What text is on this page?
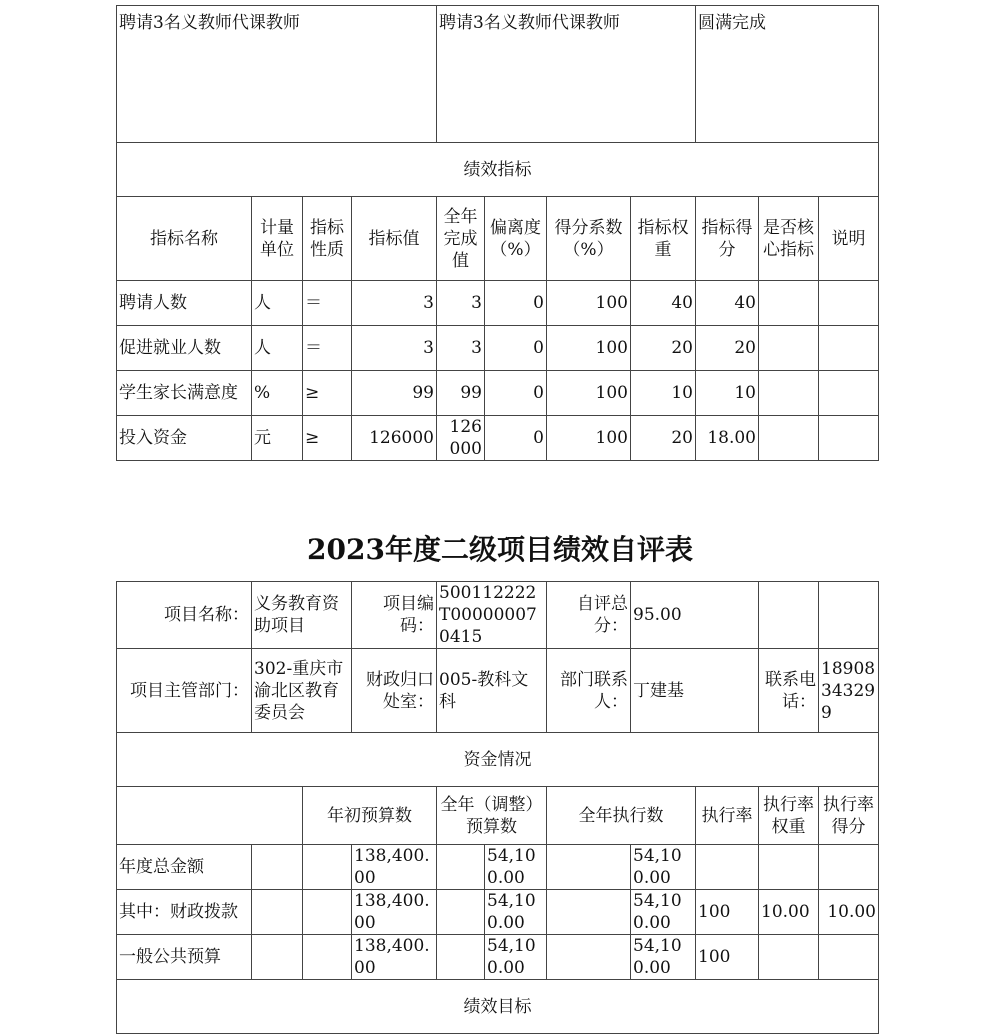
聘请3名义教师代课教师				聘请3名义教师代课教师				圆满完成		
绩效指标										
指标名称	计量单位	指标性质	指标值	全年完成值	偏离度（%）	得分系数（%）	指标权重	指标得分	是否核心指标	说明
聘请人数	人	＝	3	3	0	100	40	40		
促进就业人数	人	＝	3	3	0	100	20	20		
学生家长满意度	%	≥	99	99	0	100	10	10		
投入资金	元	≥	126000	126000	0	100	20	18.00		
2023年度二级项目绩效自评表
项目名称：	义务教育资助项目		项目编码：	500112222T000000070415		自评总分：	95.00			
项目主管部门：	302-重庆市渝北区教育委员会		财政归口处室：	005-教科文科		部门联系人：	丁建基		联系电话：	18908343299
资金情况										
		年初预算数		全年（调整）预算数		全年执行数		执行率	执行率权重	执行率得分
年度总金额			138,400.00		54,100.00		54,100.00			
其中：财政拨款			138,400.00		54,100.00		54,100.00	100	10.00	10.00
一般公共预算			138,400.00		54,100.00		54,100.00	100		
绩效目标										
